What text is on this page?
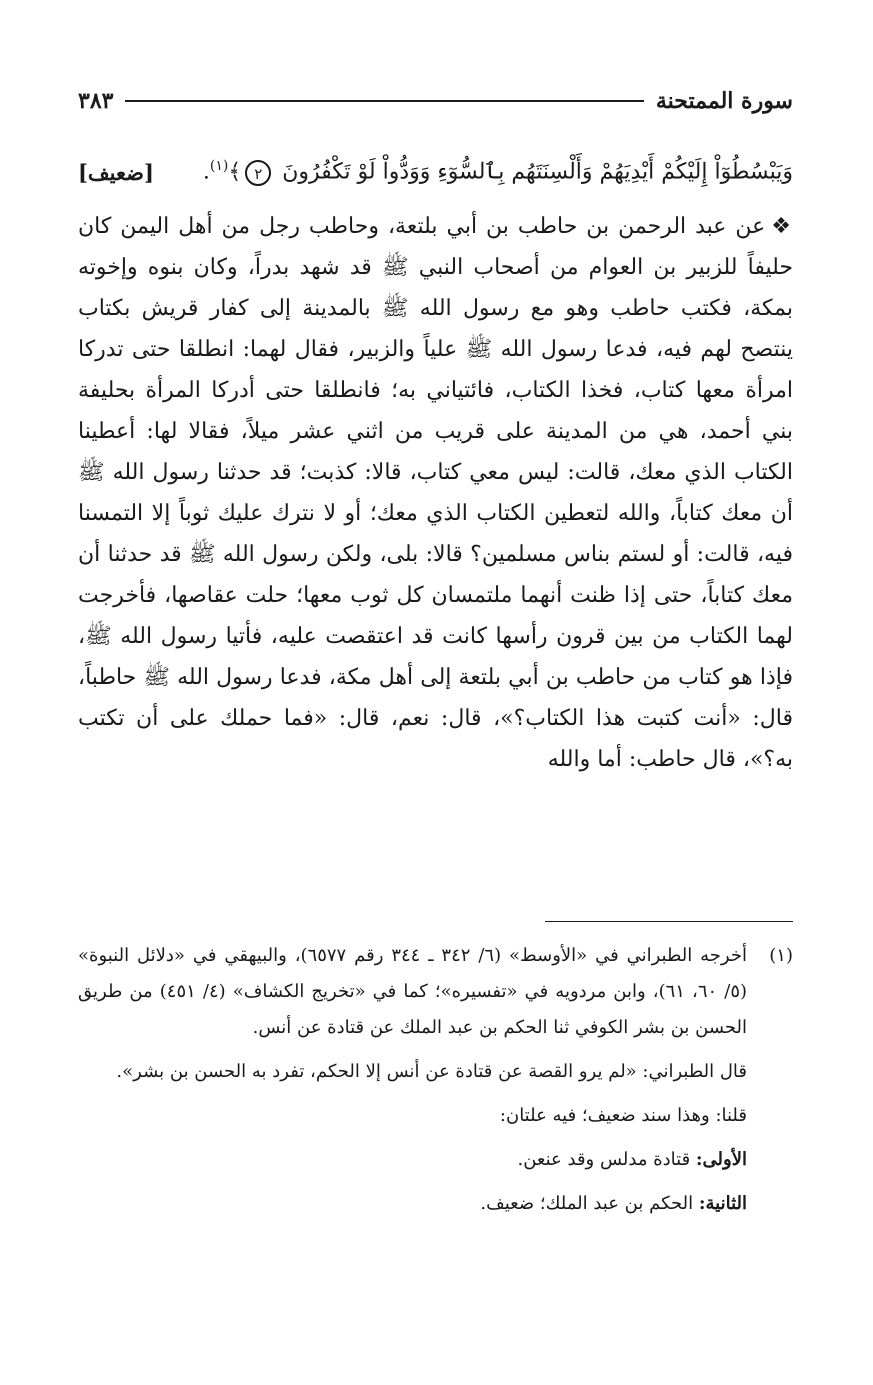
سورة الممتحنة
٣٨٣
وَيَبْسُطُوٓاْ إِلَيْكُمْ أَيْدِيَهُمْ وَأَلْسِنَتَهُم بِٱلسُّوٓءِ وَوَدُّواْ لَوْ تَكْفُرُونَ ٢﴾$^{(١)}$.
[ضعيف]
❖عن عبد الرحمن بن حاطب بن أبي بلتعة، وحاطب رجل من أهل اليمن كان حليفاً للزبير بن العوام من أصحاب النبي ﷺ قد شهد بدراً، وكان بنوه وإخوته بمكة، فكتب حاطب وهو مع رسول الله ﷺ بالمدينة إلى كفار قريش بكتاب ينتصح لهم فيه، فدعا رسول الله ﷺ علياً والزبير، فقال لهما: انطلقا حتى تدركا امرأة معها كتاب، فخذا الكتاب، فائتياني به؛ فانطلقا حتى أدركا المرأة بحليفة بني أحمد، هي من المدينة على قريب من اثني عشر ميلاً، فقالا لها: أعطينا الكتاب الذي معك، قالت: ليس معي كتاب، قالا: كذبت؛ قد حدثنا رسول الله ﷺ أن معك كتاباً، والله لتعطين الكتاب الذي معك؛ أو لا نترك عليك ثوباً إلا التمسنا فيه، قالت: أو لستم بناس مسلمين؟ قالا: بلى، ولكن رسول الله ﷺ قد حدثنا أن معك كتاباً، حتى إذا ظنت أنهما ملتمسان كل ثوب معها؛ حلت عقاصها، فأخرجت لهما الكتاب من بين قرون رأسها كانت قد اعتقصت عليه، فأتيا رسول الله ﷺ، فإذا هو كتاب من حاطب بن أبي بلتعة إلى أهل مكة، فدعا رسول الله ﷺ حاطباً، قال: «أنت كتبت هذا الكتاب؟»، قال: نعم، قال: «فما حملك على أن تكتب به؟»، قال حاطب: أما والله
(١)
أخرجه الطبراني في «الأوسط» (٦/ ٣٤٢ ـ ٣٤٤ رقم ٦٥٧٧)، والبيهقي في «دلائل النبوة» (٥/ ٦٠، ٦١)، وابن مردويه في «تفسيره»؛ كما في «تخريج الكشاف» (٤/ ٤٥١) من طريق الحسن بن بشر الكوفي ثنا الحكم بن عبد الملك عن قتادة عن أنس.
قال الطبراني: «لم يرو القصة عن قتادة عن أنس إلا الحكم، تفرد به الحسن بن بشر».
قلنا: وهذا سند ضعيف؛ فيه علتان:
الأولى: قتادة مدلس وقد عنعن.
الثانية: الحكم بن عبد الملك؛ ضعيف.
